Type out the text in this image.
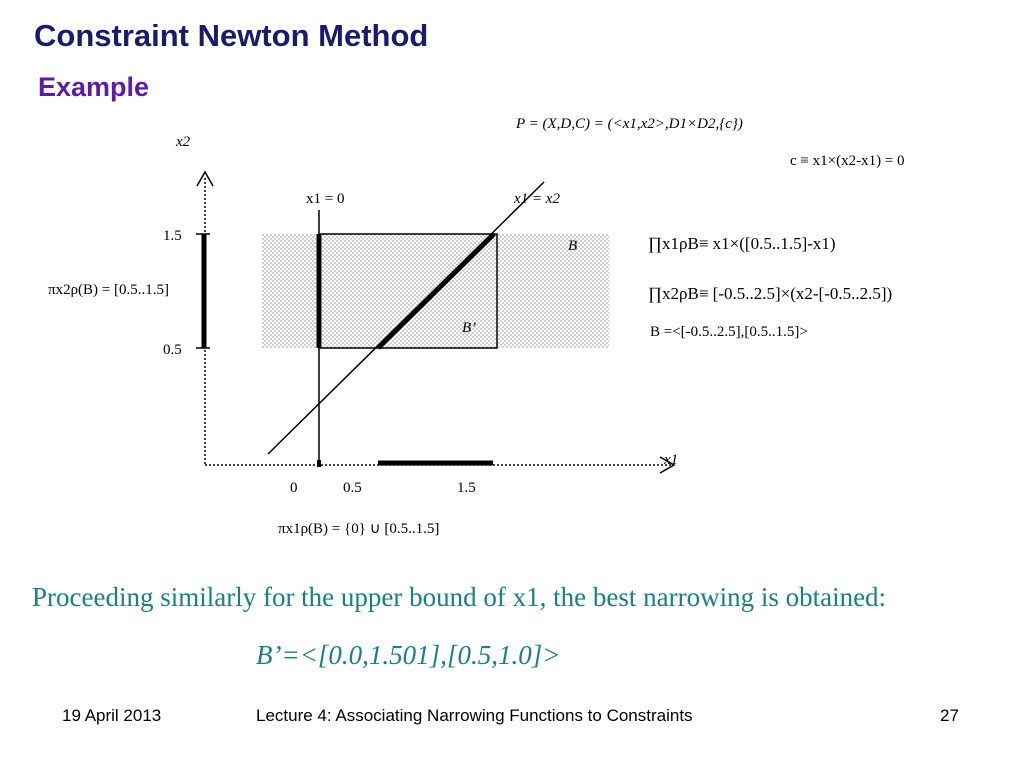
Constraint Newton Method
Example
x2
x1
x1 = 0	x1 = x2
B
B’
1.5
0.5
0	0.5	1.5
πx2ρ(B) = [0.5..1.5]
πx1ρ(B) = {0} ∪ [0.5..1.5]
P = (X,D,C) = (<x1,x2>,D1×D2,{c})
c ≡ x1×(x2-x1) = 0
∏x1ρB≡ x1×([0.5..1.5]-x1)
∏x2ρB≡ [-0.5..2.5]×(x2-[-0.5..2.5])
B =<[-0.5..2.5],[0.5..1.5]>
Proceeding similarly for the upper bound of x1, the best narrowing is obtained:
B’=<[0.0,1.501],[0.5,1.0]>
19 April 2013	Lecture 4: Associating Narrowing Functions to Constraints	27
